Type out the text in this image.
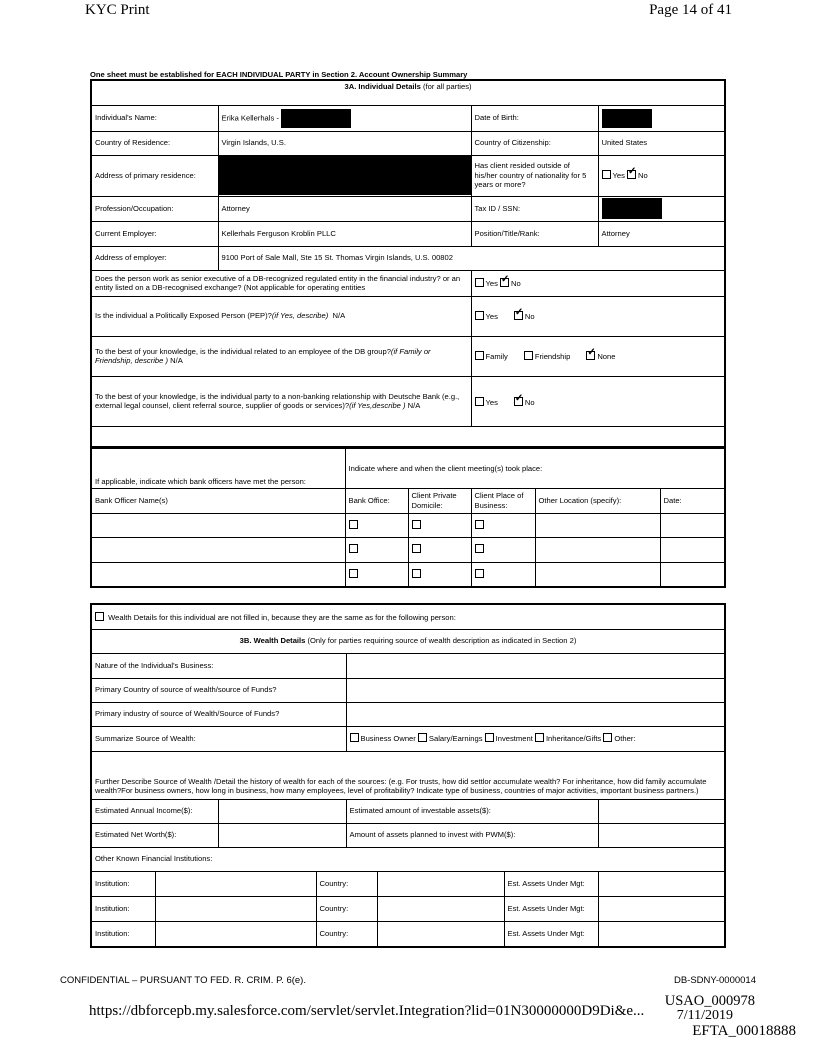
KYC Print	Page 14 of 41
One sheet must be established for EACH INDIVIDUAL PARTY in Section 2. Account Ownership Summary
3A. Individual Details (for all parties)			
Individual's Name:	Erika Kellerhals -	Date of Birth:	
Country of Residence:	Virgin Islands, U.S.	Country of Citizenship:	United States
Address of primary residence:		Has client resided outside of his/her country of nationality for 5 years or more?	Yes ✓ No
Profession/Occupation:	Attorney	Tax ID / SSN:	
Current Employer:	Kellerhals Ferguson Kroblin PLLC	Position/Title/Rank:	Attorney
Address of employer:	9100 Port of Sale Mall, Ste 15 St. Thomas Virgin Islands, U.S. 00802		
Does the person work as senior executive of a DB-recognized regulated entity in the financial industry? or an entity listed on a DB-recognised exchange? (Not applicable for operating entities		Yes ✓ No
Is the individual a Politically Exposed Person (PEP)?(if Yes, describe) N/A		Yes ✓ No
To the best of your knowledge, is the individual related to an employee of the DB group?(if Family or Friendship, describe ) N/A		Family Friendship ✓ None
To the best of your knowledge, is the individual party to a non-banking relationship with Deutsche Bank (e.g., external legal counsel, client referral source, supplier of goods or services)?(if Yes,describe ) N/A		Yes ✓ No

If applicable, indicate which bank officers have met the person:	Indicate where and when the client meeting(s) took place:				
Bank Officer Name(s)	Bank Office:	Client Private Domicile:	Client Place of Business:	Other Location (specify):	Date:

Wealth Details for this individual are not filled in, because they are the same as for the following person:							
3B. Wealth Details (Only for parties requiring source of wealth description as indicated in Section 2)							
Nature of the Individual's Business:							
Primary Country of source of wealth/source of Funds?							
Primary industry of source of Wealth/Source of Funds?							
Summarize Source of Wealth:				Business Owner Salary/Earnings Investment Inheritance/Gifts Other:			
Further Describe Source of Wealth /Detail the history of wealth for each of the sources: (e.g. For trusts, how did settlor accumulate wealth? For inheritance, how did family accumulate wealth?For business owners, how long in business, how many employees, level of profitability? Indicate type of business, countries of major activities, important business partners.)							
Estimated Annual Income($):				Estimated amount of investable assets($):			
Estimated Net Worth($):				Amount of assets planned to invest with PWM($):			
Other Known Financial Institutions:							
Institution:			Country:			Est. Assets Under Mgt:	
Institution:			Country:			Est. Assets Under Mgt:	
Institution:			Country:			Est. Assets Under Mgt:	
CONFIDENTIAL – PURSUANT TO FED. R. CRIM. P. 6(e).	DB-SDNY-0000014
USAO_000978
https://dbforcepb.my.salesforce.com/servlet/servlet.Integration?lid=01N30000000D9Di&e... 7/11/2019
EFTA_00018888
